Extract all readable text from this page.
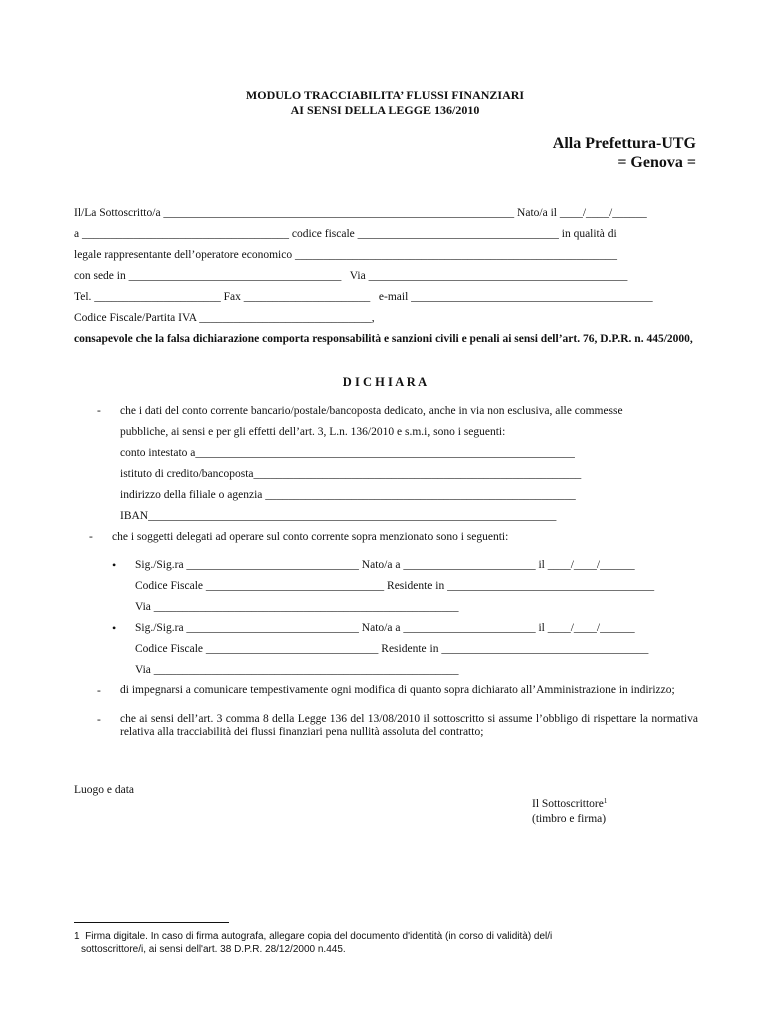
MODULO TRACCIABILITA’ FLUSSI FINANZIARI
AI SENSI DELLA LEGGE 136/2010
Alla Prefettura-UTG
= Genova =
Il/La Sottoscritto/a _____________________________________________________________ Nato/a il ____/____/______
a ____________________________________ codice fiscale ___________________________________ in qualità di
legale rappresentante dell’operatore economico ________________________________________________________
con sede in _____________________________________   Via _____________________________________________
Tel. ______________________ Fax ______________________   e-mail __________________________________________
Codice Fiscale/Partita IVA ______________________________,
consapevole che la falsa dichiarazione comporta responsabilità e sanzioni civili e penali ai sensi dell’art. 76, D.P.R. n. 445/2000,
D I C H I A R A
- che i dati del conto corrente bancario/postale/bancoposta dedicato, anche in via non esclusiva, alle commesse
pubbliche, ai sensi e per gli effetti dell’art. 3, L.n. 136/2010 e s.m.i, sono i seguenti:
conto intestato a__________________________________________________________________
istituto di credito/bancoposta_________________________________________________________
indirizzo della filiale o agenzia ______________________________________________________
IBAN_______________________________________________________________________
- che i soggetti delegati ad operare sul conto corrente sopra menzionato sono i seguenti:
• Sig./Sig.ra ______________________________ Nato/a a _______________________ il ____/____/______
Codice Fiscale _______________________________ Residente in ____________________________________
Via _____________________________________________________
• Sig./Sig.ra ______________________________ Nato/a a _______________________ il ____/____/______
Codice Fiscale ______________________________ Residente in ____________________________________
Via _____________________________________________________
- di impegnarsi a comunicare tempestivamente ogni modifica di quanto sopra dichiarato all’Amministrazione in indirizzo;
- che ai sensi dell’art. 3 comma 8 della Legge 136 del 13/08/2010 il sottoscritto si assume l’obbligo di rispettare la normativa relativa alla tracciabilità dei flussi finanziari pena nullità assoluta del contratto;
Luogo e data
Il Sottoscrittore$^1$
(timbro e firma)
1  Firma digitale. In caso di firma autografa, allegare copia del documento d'identità (in corso di validità) del/i
sottoscrittore/i, ai sensi dell'art. 38 D.P.R. 28/12/2000 n.445.
